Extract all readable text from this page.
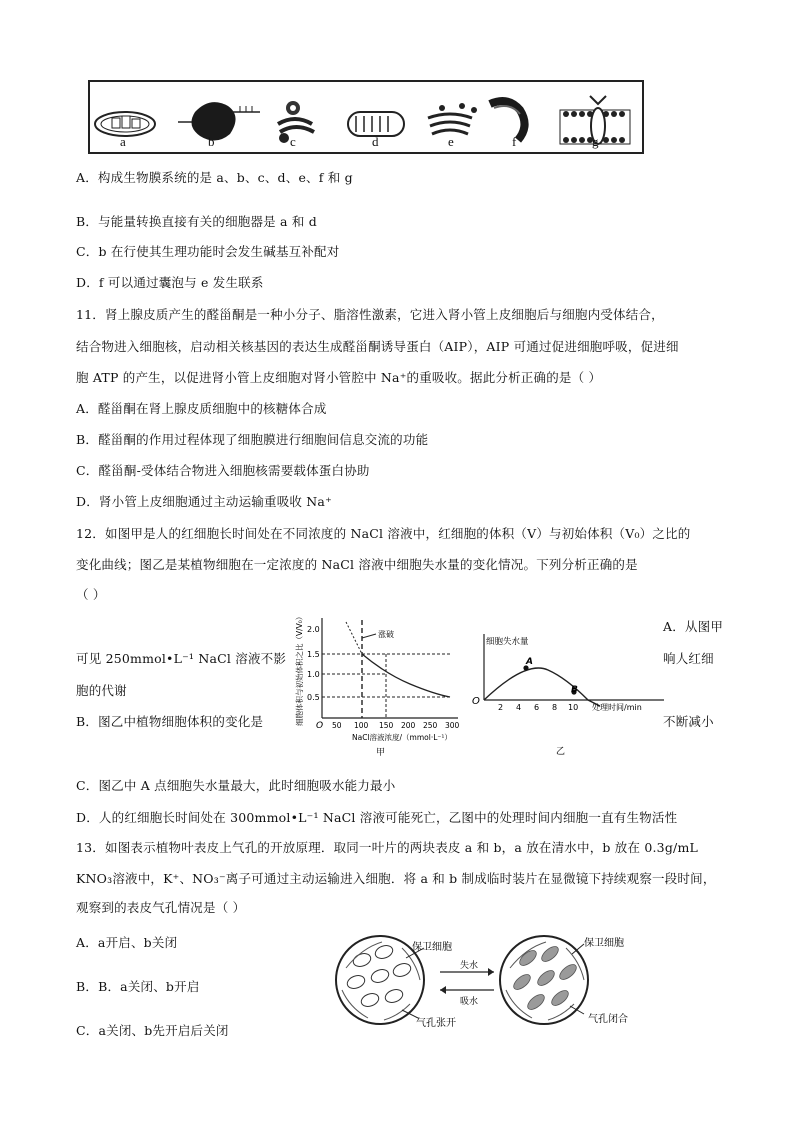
a	b	c	d	e	f	g
A．构成生物膜系统的是 a、b、c、d、e、f 和 g
B．与能量转换直接有关的细胞器是 a 和 d
C．b 在行使其生理功能时会发生碱基互补配对
D．f 可以通过囊泡与 e 发生联系
11．肾上腺皮质产生的醛甾酮是一种小分子、脂溶性激素，它进入肾小管上皮细胞后与细胞内受体结合，
结合物进入细胞核，启动相关核基因的表达生成醛甾酮诱导蛋白（AIP），AIP 可通过促进细胞呼吸，促进细
胞 ATP 的产生，以促进肾小管上皮细胞对肾小管腔中 Na⁺的重吸收。据此分析正确的是（ ）
A．醛甾酮在肾上腺皮质细胞中的核糖体合成
B．醛甾酮的作用过程体现了细胞膜进行细胞间信息交流的功能
C．醛甾酮-受体结合物进入细胞核需要载体蛋白协助
D．肾小管上皮细胞通过主动运输重吸收 Na⁺
12．如图甲是人的红细胞长时间处在不同浓度的 NaCl 溶液中，红细胞的体积（V）与初始体积（V₀）之比的
变化曲线；图乙是某植物细胞在一定浓度的 NaCl 溶液中细胞失水量的变化情况。下列分析正确的是
（ ）
A．从图甲
可见 250mmol•L⁻¹ NaCl 溶液不影	响人红细
胞的代谢
B．图乙中植物细胞体积的变化是	不断减小
细胞体积与初始体积之比（V/V₀） 0.5
1.0
1.5
2.0
涨破
O 50 100 150 200 250 300
NaCl溶液浓度/（mmol·L⁻¹）
甲
细胞失水量
O
A
B
2 4 6 8 10 处理时间/min
乙
C．图乙中 A 点细胞失水量最大，此时细胞吸水能力最小
D．人的红细胞长时间处在 300mmol•L⁻¹ NaCl 溶液可能死亡，乙图中的处理时间内细胞一直有生物活性
13．如图表示植物叶表皮上气孔的开放原理．取同一叶片的两块表皮 a 和 b，a 放在清水中，b 放在 0.3g/mL
KNO₃溶液中，K⁺、NO₃⁻离子可通过主动运输进入细胞．将 a 和 b 制成临时装片在显微镜下持续观察一段时间，
观察到的表皮气孔情况是（ ）
A．a开启、b关闭
B．B．a关闭、b开启
C．a关闭、b先开启后关闭
保卫细胞
气孔张开
失水
吸水
保卫细胞
气孔闭合
